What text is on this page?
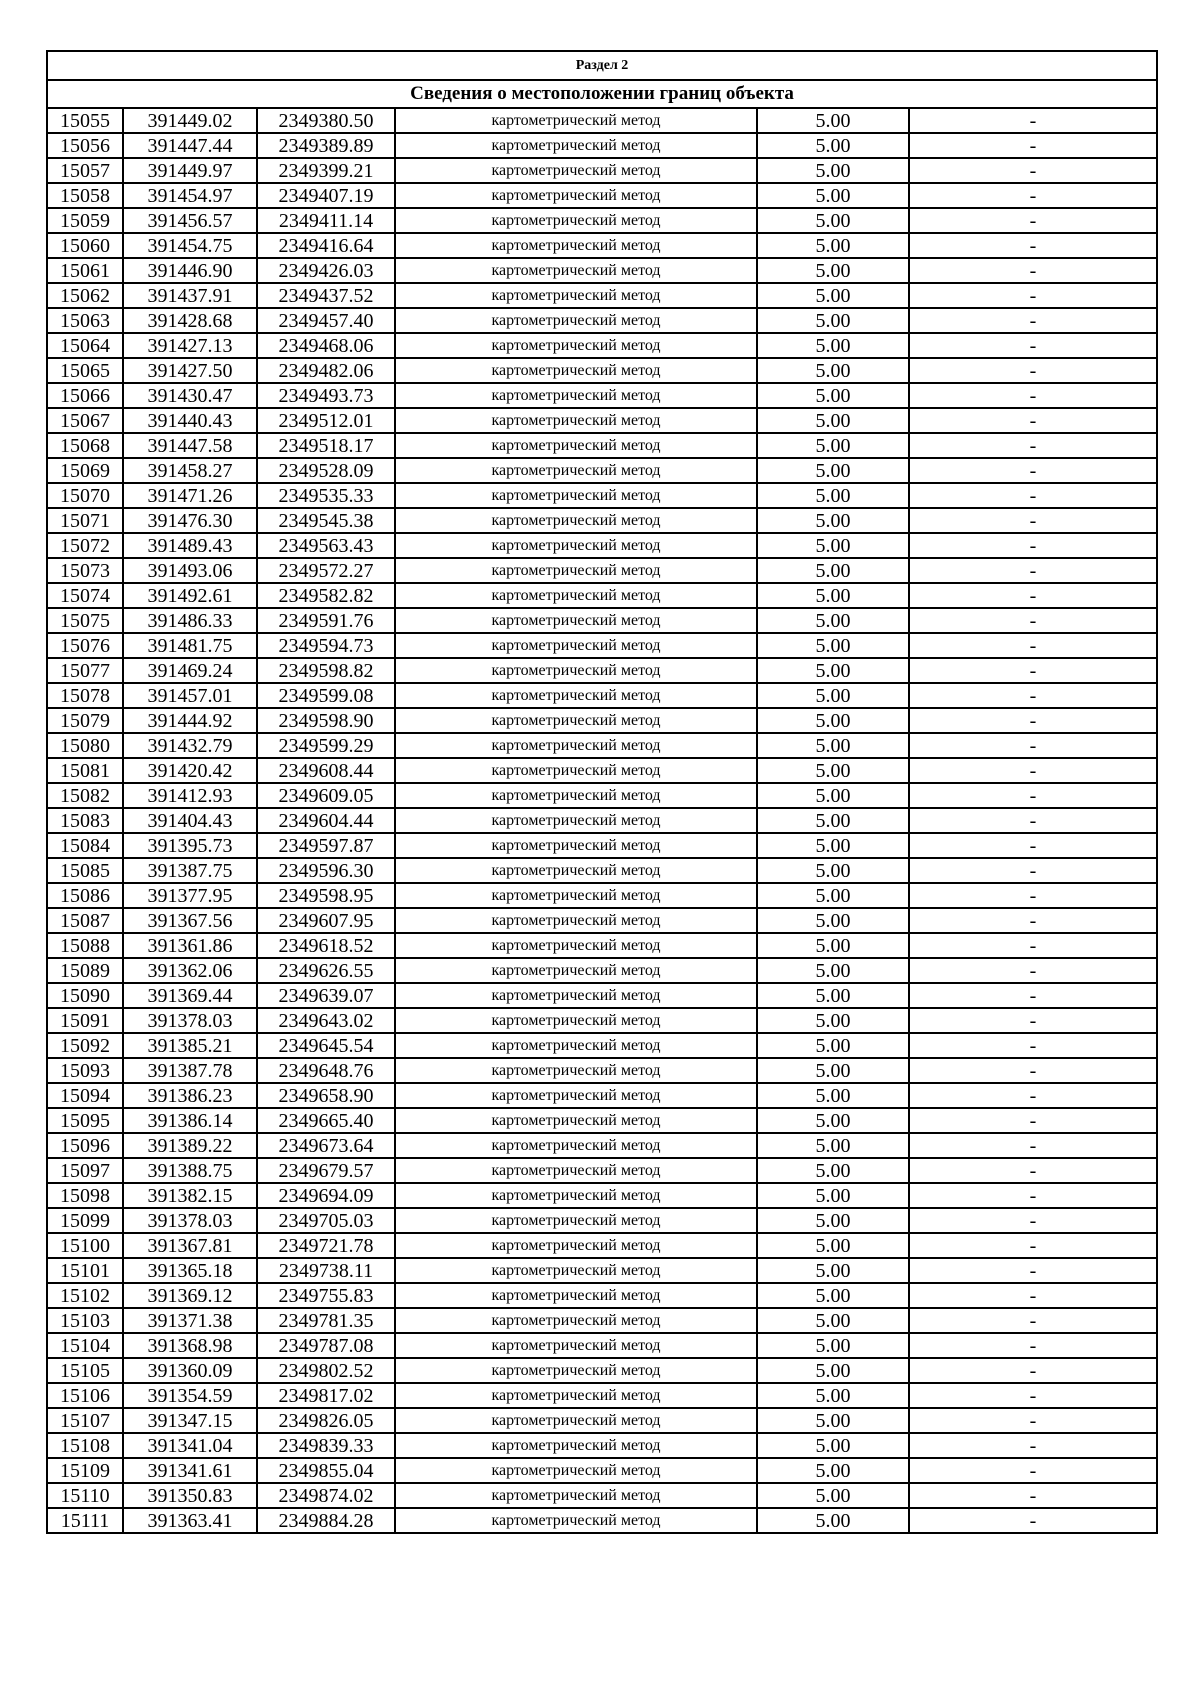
Раздел 2					
Сведения о местоположении границ объекта					
15055	391449.02	2349380.50	картометрический метод	5.00	-
15056	391447.44	2349389.89	картометрический метод	5.00	-
15057	391449.97	2349399.21	картометрический метод	5.00	-
15058	391454.97	2349407.19	картометрический метод	5.00	-
15059	391456.57	2349411.14	картометрический метод	5.00	-
15060	391454.75	2349416.64	картометрический метод	5.00	-
15061	391446.90	2349426.03	картометрический метод	5.00	-
15062	391437.91	2349437.52	картометрический метод	5.00	-
15063	391428.68	2349457.40	картометрический метод	5.00	-
15064	391427.13	2349468.06	картометрический метод	5.00	-
15065	391427.50	2349482.06	картометрический метод	5.00	-
15066	391430.47	2349493.73	картометрический метод	5.00	-
15067	391440.43	2349512.01	картометрический метод	5.00	-
15068	391447.58	2349518.17	картометрический метод	5.00	-
15069	391458.27	2349528.09	картометрический метод	5.00	-
15070	391471.26	2349535.33	картометрический метод	5.00	-
15071	391476.30	2349545.38	картометрический метод	5.00	-
15072	391489.43	2349563.43	картометрический метод	5.00	-
15073	391493.06	2349572.27	картометрический метод	5.00	-
15074	391492.61	2349582.82	картометрический метод	5.00	-
15075	391486.33	2349591.76	картометрический метод	5.00	-
15076	391481.75	2349594.73	картометрический метод	5.00	-
15077	391469.24	2349598.82	картометрический метод	5.00	-
15078	391457.01	2349599.08	картометрический метод	5.00	-
15079	391444.92	2349598.90	картометрический метод	5.00	-
15080	391432.79	2349599.29	картометрический метод	5.00	-
15081	391420.42	2349608.44	картометрический метод	5.00	-
15082	391412.93	2349609.05	картометрический метод	5.00	-
15083	391404.43	2349604.44	картометрический метод	5.00	-
15084	391395.73	2349597.87	картометрический метод	5.00	-
15085	391387.75	2349596.30	картометрический метод	5.00	-
15086	391377.95	2349598.95	картометрический метод	5.00	-
15087	391367.56	2349607.95	картометрический метод	5.00	-
15088	391361.86	2349618.52	картометрический метод	5.00	-
15089	391362.06	2349626.55	картометрический метод	5.00	-
15090	391369.44	2349639.07	картометрический метод	5.00	-
15091	391378.03	2349643.02	картометрический метод	5.00	-
15092	391385.21	2349645.54	картометрический метод	5.00	-
15093	391387.78	2349648.76	картометрический метод	5.00	-
15094	391386.23	2349658.90	картометрический метод	5.00	-
15095	391386.14	2349665.40	картометрический метод	5.00	-
15096	391389.22	2349673.64	картометрический метод	5.00	-
15097	391388.75	2349679.57	картометрический метод	5.00	-
15098	391382.15	2349694.09	картометрический метод	5.00	-
15099	391378.03	2349705.03	картометрический метод	5.00	-
15100	391367.81	2349721.78	картометрический метод	5.00	-
15101	391365.18	2349738.11	картометрический метод	5.00	-
15102	391369.12	2349755.83	картометрический метод	5.00	-
15103	391371.38	2349781.35	картометрический метод	5.00	-
15104	391368.98	2349787.08	картометрический метод	5.00	-
15105	391360.09	2349802.52	картометрический метод	5.00	-
15106	391354.59	2349817.02	картометрический метод	5.00	-
15107	391347.15	2349826.05	картометрический метод	5.00	-
15108	391341.04	2349839.33	картометрический метод	5.00	-
15109	391341.61	2349855.04	картометрический метод	5.00	-
15110	391350.83	2349874.02	картометрический метод	5.00	-
15111	391363.41	2349884.28	картометрический метод	5.00	-
